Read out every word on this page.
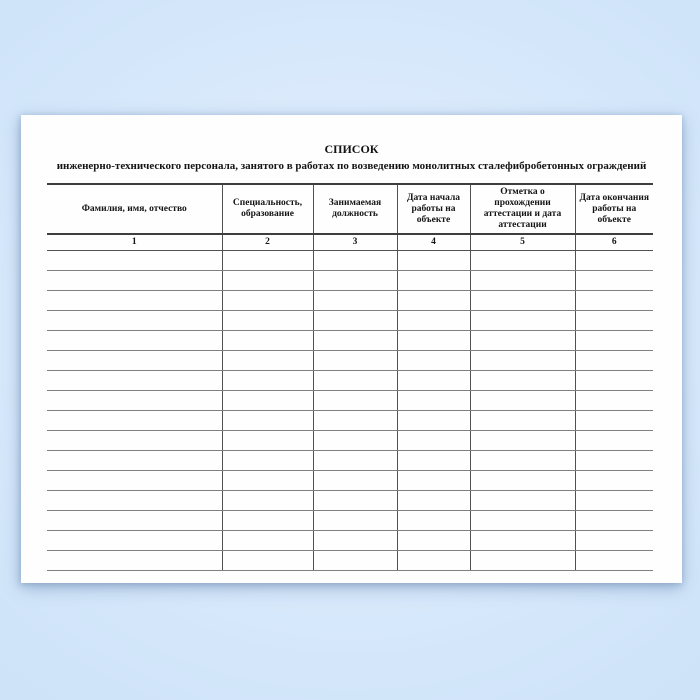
СПИСОК
инженерно-технического персонала, занятого в работах по возведению монолитных сталефибробетонных ограждений
Фамилия, имя, отчество	Специальность, образование	Занимаемая должность	Дата начала работы на объекте	Отметка о прохождении аттестации и дата аттестации	Дата окончания работы на объекте
1	2	3	4	5	6
